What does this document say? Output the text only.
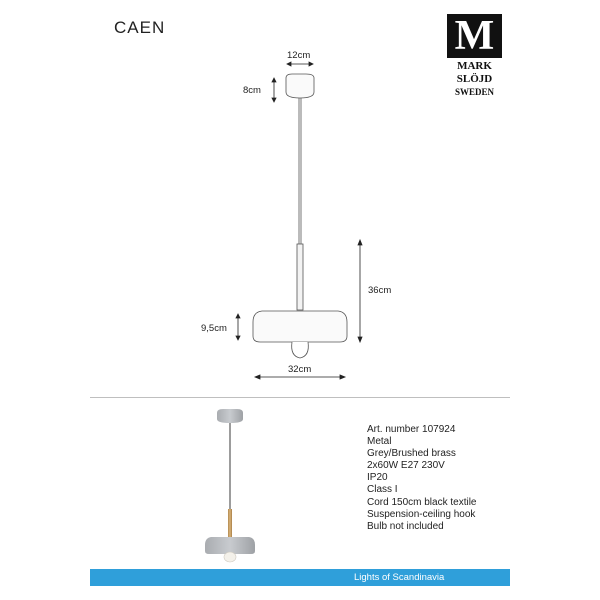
CAEN	M
MARK
SLÖJD
SWEDEN
12cm
8cm
36cm
9,5cm
32cm
Art. number 107924
Metal
Grey/Brushed brass
2x60W E27 230V
IP20
Class I
Cord 150cm black textile
Suspension-ceiling hook
Bulb not included
Lights of Scandinavia
